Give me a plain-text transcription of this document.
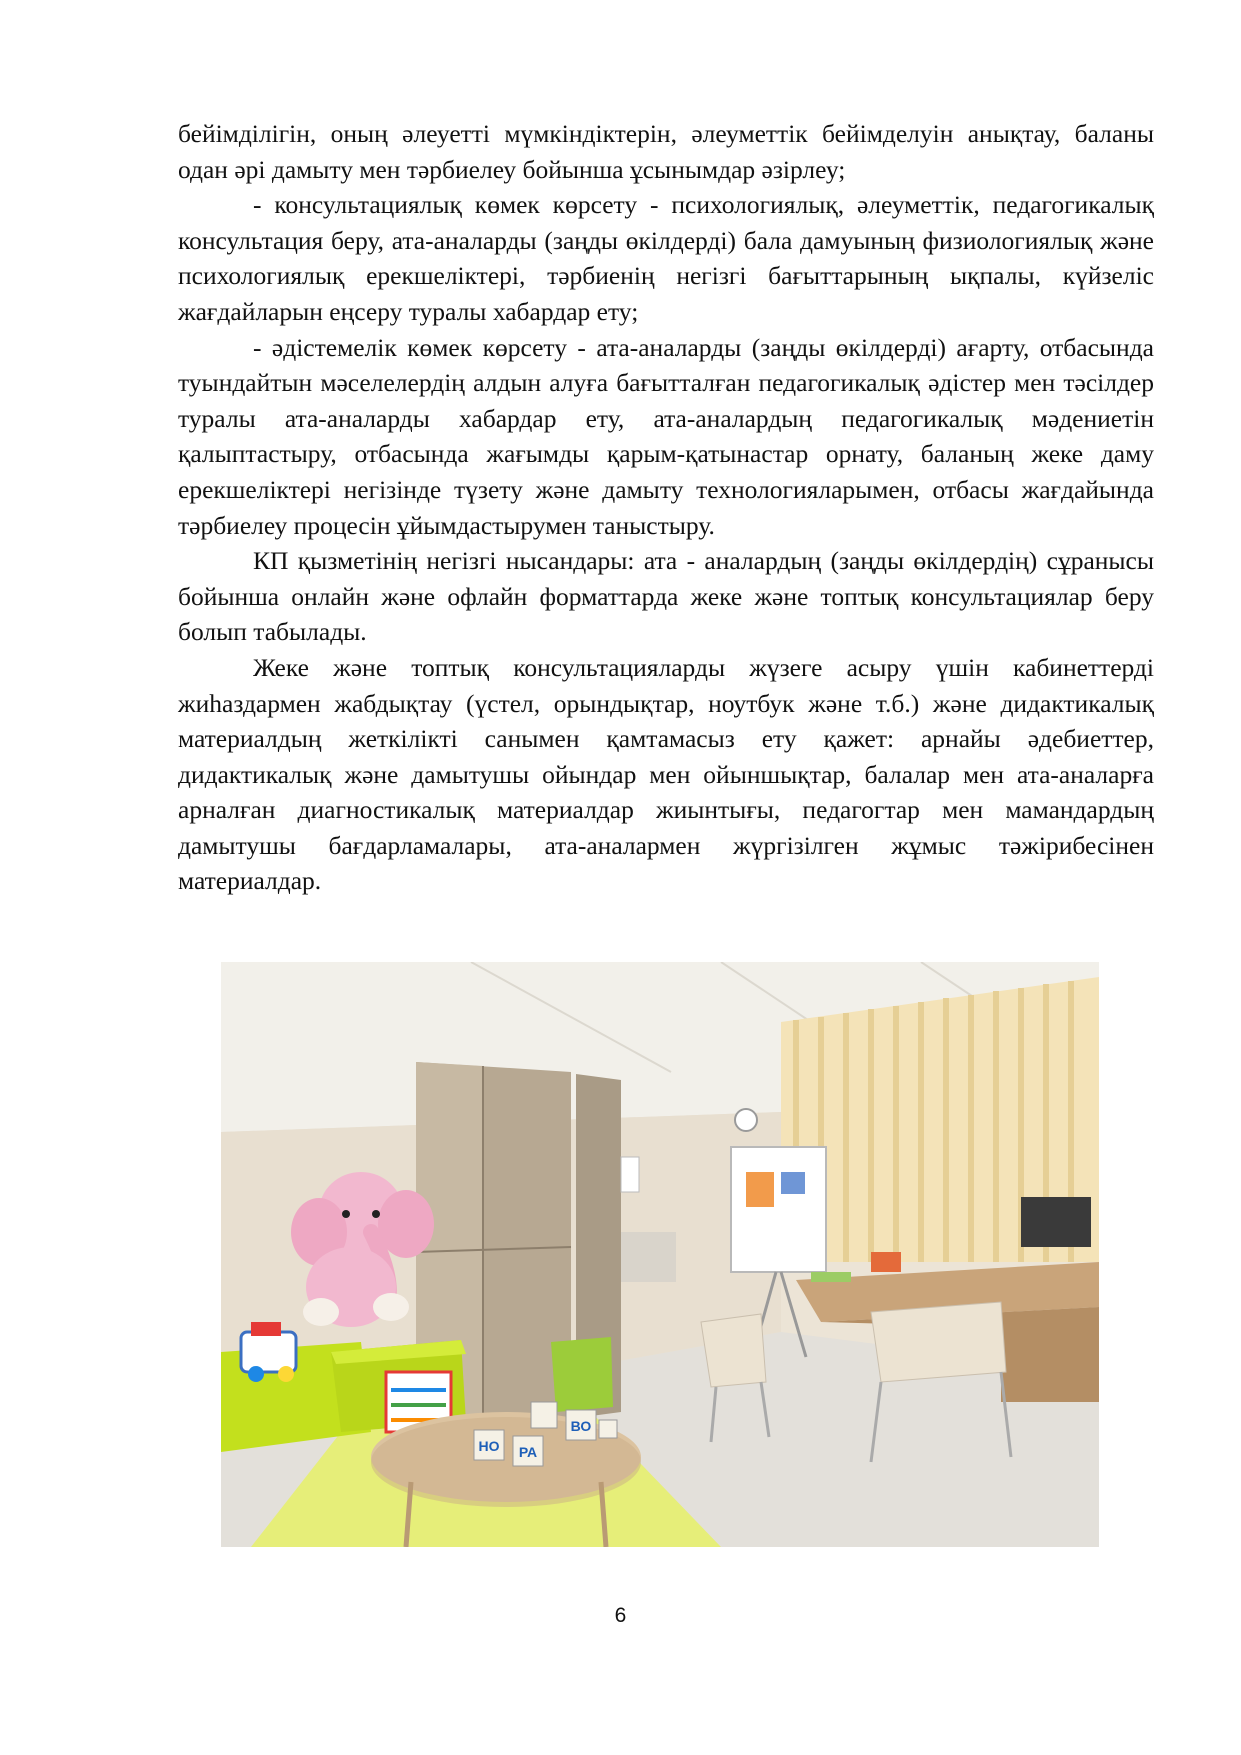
бейімділігін, оның әлеуетті мүмкіндіктерін, әлеуметтік бейімделуін анықтау, баланы одан әрі дамыту мен тәрбиелеу бойынша ұсынымдар әзірлеу;

- консультациялық көмек көрсету - психологиялық, әлеуметтік, педагогикалық консультация беру, ата-аналарды (заңды өкілдерді) бала дамуының физиологиялық және психологиялық ерекшеліктері, тәрбиенің негізгі бағыттарының ықпалы, күйзеліс жағдайларын еңсеру туралы хабардар ету;

- әдістемелік көмек көрсету - ата-аналарды (заңды өкілдерді) ағарту, отбасында туындайтын мәселелердің алдын алуға бағытталған педагогикалық әдістер мен тәсілдер туралы ата-аналарды хабардар ету, ата-аналардың педагогикалық мәдениетін қалыптастыру, отбасында жағымды қарым-қатынастар орнату, баланың жеке даму ерекшеліктері негізінде түзету және дамыту технологияларымен, отбасы жағдайында тәрбиелеу процесін ұйымдастырумен таныстыру.

КП қызметінің негізгі нысандары: ата - аналардың (заңды өкілдердің) сұранысы бойынша онлайн және офлайн форматтарда жеке және топтық консультациялар беру болып табылады.

Жеке және топтық консультацияларды жүзеге асыру үшін кабинеттерді жиһаздармен жабдықтау (үстел, орындықтар, ноутбук және т.б.) және дидактикалық материалдың жеткілікті санымен қамтамасыз ету қажет: арнайы әдебиеттер, дидактикалық және дамытушы ойындар мен ойыншықтар, балалар мен ата-аналарға арналған диагностикалық материалдар жиынтығы, педагогтар мен мамандардың дамытушы бағдарламалары, ата-аналармен жүргізілген жұмыс тәжірибесінен материалдар.

НО РА
ВО
6
